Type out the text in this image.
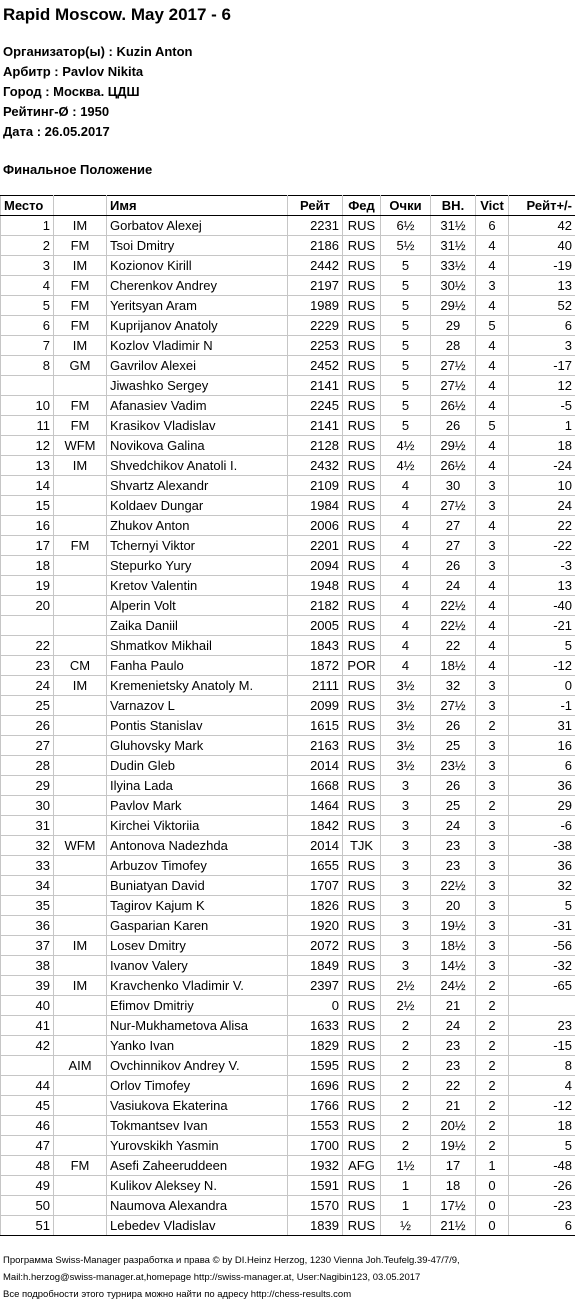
Rapid Moscow. May 2017 - 6
Организатор(ы) : Kuzin Anton
Арбитр : Pavlov Nikita
Город : Москва. ЦДШ
Рейтинг-Ø : 1950
Дата : 26.05.2017
Финальное Положение
Место		Имя	Рейт	Фед	Очки	ВН.	Vict	Рейт+/-
1	IM	Gorbatov Alexej	2231	RUS	6½	31½	6	42
2	FM	Tsoi Dmitry	2186	RUS	5½	31½	4	40
3	IM	Kozionov Kirill	2442	RUS	5	33½	4	-19
4	FM	Cherenkov Andrey	2197	RUS	5	30½	3	13
5	FM	Yeritsyan Aram	1989	RUS	5	29½	4	52
6	FM	Kuprijanov Anatoly	2229	RUS	5	29	5	6
7	IM	Kozlov Vladimir N	2253	RUS	5	28	4	3
8	GM	Gavrilov Alexei	2452	RUS	5	27½	4	-17
		Jiwashko Sergey	2141	RUS	5	27½	4	12
10	FM	Afanasiev Vadim	2245	RUS	5	26½	4	-5
11	FM	Krasikov Vladislav	2141	RUS	5	26	5	1
12	WFM	Novikova Galina	2128	RUS	4½	29½	4	18
13	IM	Shvedchikov Anatoli I.	2432	RUS	4½	26½	4	-24
14		Shvartz Alexandr	2109	RUS	4	30	3	10
15		Koldaev Dungar	1984	RUS	4	27½	3	24
16		Zhukov Anton	2006	RUS	4	27	4	22
17	FM	Tchernyi Viktor	2201	RUS	4	27	3	-22
18		Stepurko Yury	2094	RUS	4	26	3	-3
19		Kretov Valentin	1948	RUS	4	24	4	13
20		Alperin Volt	2182	RUS	4	22½	4	-40
		Zaika Daniil	2005	RUS	4	22½	4	-21
22		Shmatkov Mikhail	1843	RUS	4	22	4	5
23	CM	Fanha Paulo	1872	POR	4	18½	4	-12
24	IM	Kremenietsky Anatoly M.	2111	RUS	3½	32	3	0
25		Varnazov L	2099	RUS	3½	27½	3	-1
26		Pontis Stanislav	1615	RUS	3½	26	2	31
27		Gluhovsky Mark	2163	RUS	3½	25	3	16
28		Dudin Gleb	2014	RUS	3½	23½	3	6
29		Ilyina Lada	1668	RUS	3	26	3	36
30		Pavlov Mark	1464	RUS	3	25	2	29
31		Kirchei Viktoriia	1842	RUS	3	24	3	-6
32	WFM	Antonova Nadezhda	2014	TJK	3	23	3	-38
33		Arbuzov Timofey	1655	RUS	3	23	3	36
34		Buniatyan David	1707	RUS	3	22½	3	32
35		Tagirov Kajum K	1826	RUS	3	20	3	5
36		Gasparian Karen	1920	RUS	3	19½	3	-31
37	IM	Losev Dmitry	2072	RUS	3	18½	3	-56
38		Ivanov Valery	1849	RUS	3	14½	3	-32
39	IM	Kravchenko Vladimir V.	2397	RUS	2½	24½	2	-65
40		Efimov Dmitriy	0	RUS	2½	21	2	
41		Nur-Mukhametova Alisa	1633	RUS	2	24	2	23
42		Yanko Ivan	1829	RUS	2	23	2	-15
	AIM	Ovchinnikov Andrey V.	1595	RUS	2	23	2	8
44		Orlov Timofey	1696	RUS	2	22	2	4
45		Vasiukova Ekaterina	1766	RUS	2	21	2	-12
46		Tokmantsev Ivan	1553	RUS	2	20½	2	18
47		Yurovskikh Yasmin	1700	RUS	2	19½	2	5
48	FM	Asefi Zaheeruddeen	1932	AFG	1½	17	1	-48
49		Kulikov Aleksey N.	1591	RUS	1	18	0	-26
50		Naumova Alexandra	1570	RUS	1	17½	0	-23
51		Lebedev Vladislav	1839	RUS	½	21½	0	6
Программа Swiss-Manager разработка и права © by DI.Heinz Herzog, 1230 Vienna Joh.Teufelg.39-47/7/9,
Mail:h.herzog@swiss-manager.at,homepage http://swiss-manager.at, User:Nagibin123, 03.05.2017
Все подробности этого турнира можно найти по адресу http://chess-results.com
